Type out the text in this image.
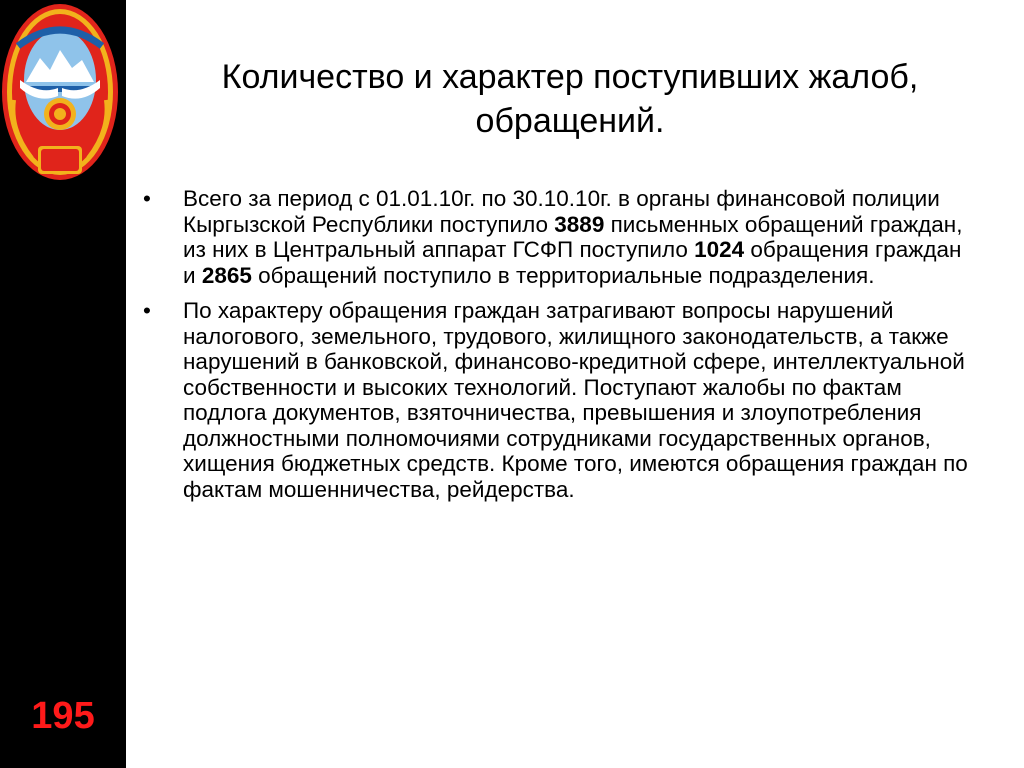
195
Количество и характер поступивших жалоб,
обращений.
• Всего за период с 01.01.10г. по 30.10.10г. в органы финансовой полиции Кыргызской Республики поступило 3889 письменных обращений граждан, из них в Центральный аппарат ГСФП поступило 1024 обращения граждан и 2865 обращений поступило в территориальные подразделения.
• По характеру обращения граждан затрагивают вопросы нарушений налогового, земельного, трудового, жилищного законодательств, а также нарушений в банковской, финансово-кредитной сфере, интеллектуальной собственности и высоких технологий. Поступают жалобы по фактам подлога документов, взяточничества, превышения и злоупотребления должностными полномочиями сотрудниками государственных органов, хищения бюджетных средств. Кроме того, имеются обращения граждан по фактам мошенничества, рейдерства.
